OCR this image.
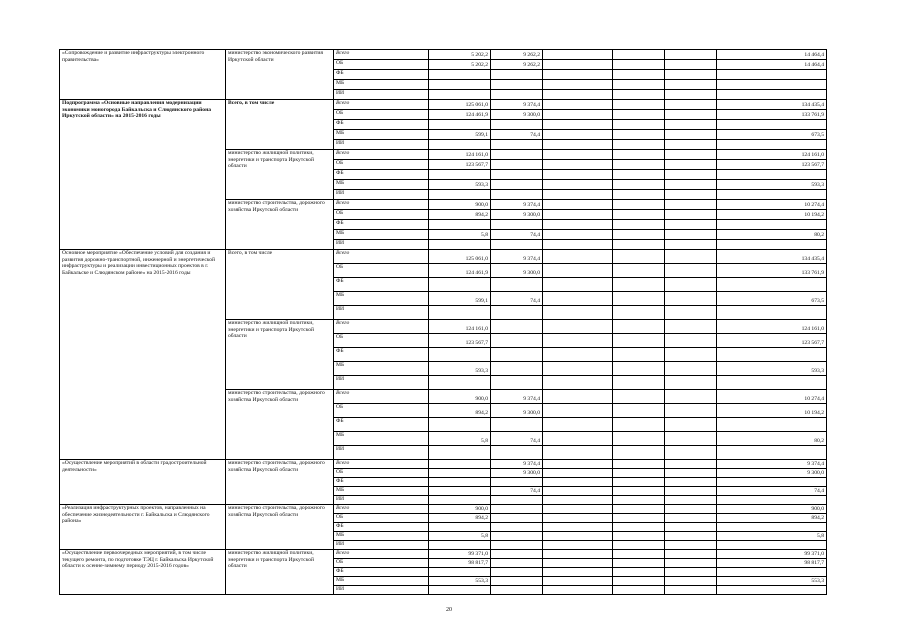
«Сопровождение и развитие инфраструктуры электронного правительства»	министерство экономического развития Иркутской области	Всего	5 202,2	9 262,2				14 464,4
		ОБ	5 202,2	9 262,2				14 464,4
		ФБ						
		МБ						
		ИИ						
Подпрограмма «Основные направления модернизации экономики моногорода Байкальска и Слюдянского района Иркутской области» на 2015-2016 годы	Всего, в том числе	Всего	125 061,0	9 374,4				134 435,4
		ОБ	124 461,9	9 300,0				133 761,9
		ФБ						
		МБ	599,1	74,4				673,5
		ИИ						
	министерство жилищной политики, энергетики и транспорта Иркутской области	Всего	124 161,0					124 161,0
		ОБ	123 567,7					123 567,7
		ФБ						
		МБ	593,3					593,3
		ИИ						
	министерство строительства, дорожного хозяйства Иркутской области	Всего	900,0	9 374,4				10 274,4
		ОБ	894,2	9 300,0				10 194,2
		ФБ						
		МБ	5,8	74,4				80,2
		ИИ						
Основное мероприятие «Обеспечение условий для создания и развития дорожно-транспортной, инженерной и энергетической инфраструктуры и реализации инвестиционных проектов в г. Байкальске и Слюдянском районе» на 2015-2016 годы	Всего, в том числе	Всего	125 061,0	9 374,4				134 435,4
		ОБ	124 461,9	9 300,0				133 761,9
		ФБ						
		МБ	599,1	74,4				673,5
		ИИ						
	министерство жилищной политики, энергетики и транспорта Иркутской области	Всего	124 161,0					124 161,0
		ОБ	123 567,7					123 567,7
		ФБ						
		МБ	593,3					593,3
		ИИ						
	министерство строительства, дорожного хозяйства Иркутской области	Всего	900,0	9 374,4				10 274,4
		ОБ	894,2	9 300,0				10 194,2
		ФБ						
		МБ	5,8	74,4				80,2
		ИИ						
«Осуществление мероприятий в области градостроительной деятельности»	министерство строительства, дорожного хозяйства Иркутской области	Всего		9 374,4				9 374,4
		ОБ		9 300,0				9 300,0
		ФБ						
		МБ		74,4				74,4
		ИИ						
«Реализация инфраструктурных проектов, направленных на обеспечение жизнедеятельности г. Байкальска и Слюдянского района»	министерство строительства, дорожного хозяйства Иркутской области	Всего	900,0					900,0
		ОБ	894,2					894,2
		ФБ						
		МБ	5,8					5,8
		ИИ						
«Осуществление первоочередных мероприятий, в том числе текущего ремонта, по подготовке ТЭЦ г. Байкальска Иркутской области к осенне-зимнему периоду 2015-2016 годов»	министерство жилищной политики, энергетики и транспорта Иркутской области	Всего	99 371,0					99 371,0
		ОБ	98 817,7					98 817,7
		ФБ						
		МБ	553,3					553,3
		ИИ						
20
